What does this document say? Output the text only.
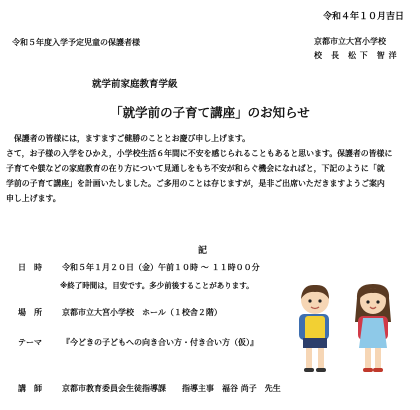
令和４年１０月吉日

令和５年度入学予定児童の保護者様	京都市立大宮小学校

校　長　松 下　智 洋

就学前家庭教育学級

「就学前の子育て講座」のお知らせ

　保護者の皆様には，ますますご健勝のこととお慶び申し上げます。

さて，お子様の入学をひかえ，小学校生活６年間に不安を感じられることもあると思います。保護者の皆様に

子育てや躾などの家庭教育の在り方について見通しをもち不安が和らぐ機会になればと，下記のように「就

学前の子育て講座」を計画いたしました。ご多用のことは存じますが，是非ご出席いただきますようご案内

申し上げます。

記

日　時	令和５年１月２０日（金）午前１０時 ～ １１時００分

※終了時間は，目安です。多少前後することがあります。

場　所	京都市立大宮小学校　ホール（１校舎２階）
テーマ	『今どきの子どもへの向き合い方・付き合い方（仮）』
講　師	京都市教育委員会生徒指導課　　指導主事　福谷 尚子　先生
